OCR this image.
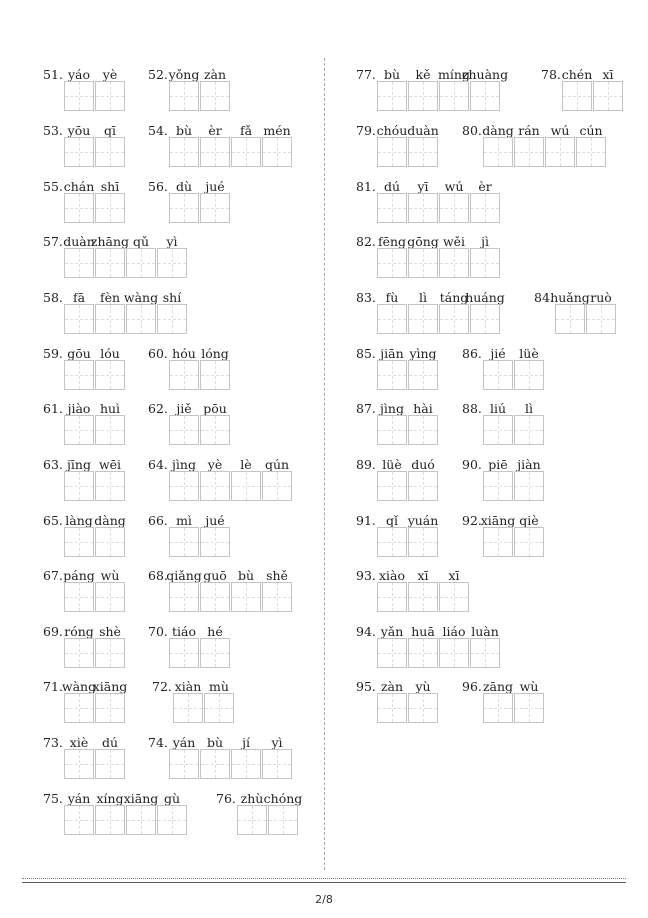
51. yáo yè 52. yǒng zàn
53. yōu qī	54. bù èr fǎ mén
55. chán shī 56. dù jué
57. duàn
zhāng qǔ yì
58. fā fèn wàng shí
59. gōu lóu 60. hóu lóng
61. jiào huì 62. jiě pōu
63. jīng wēi 64. jìng yè lè qún
65. làng dàng 66. mì jué
67. páng wù 68.
qiǎng guō bù shě
69. róng shè 70. tiáo hé
71. wàng
xiāng 72. xiàn mù
73. xiè dú 74. yán bù jí yì
75. yán xíng xiāng gù	76. zhù chóng
77. bù kě míng
zhuàng	78. chén xī
79. chóu duàn 80. dàng rán wú cún
81. dú yī wú èr
82. fēng gōng wěi jì
83. fù lì táng
huáng 84.
huǎng ruò
85. jiān yìng 86. jié lüè
87. jìng hài 88. liú lì
89. lüè duó 90. piē jiàn
91. qǐ yuán 92.
xiāng qiè
93. xiào xī xī
94. yǎn huā liáo luàn
95. zàn yù	96. zāng wù
2/8
